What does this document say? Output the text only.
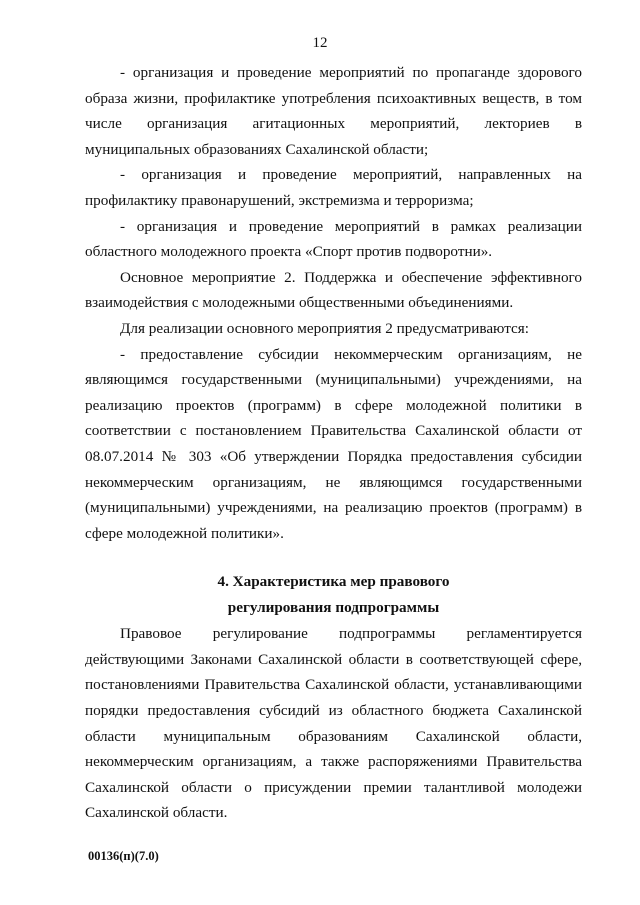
12

- организация и проведение мероприятий по пропаганде здорового образа жизни, профилактике употребления психоактивных веществ, в том числе организация агитационных мероприятий, лекториев в муниципальных образованиях Сахалинской области;

- организация и проведение мероприятий, направленных на профилактику правонарушений, экстремизма и терроризма;

- организация и проведение мероприятий в рамках реализации областного молодежного проекта «Спорт против подворотни».

Основное мероприятие 2. Поддержка и обеспечение эффективного взаимодействия с молодежными общественными объединениями.

Для реализации основного мероприятия 2 предусматриваются:

- предоставление субсидии некоммерческим организациям, не являющимся государственными (муниципальными) учреждениями, на реализацию проектов (программ) в сфере молодежной политики в соответствии с постановлением Правительства Сахалинской области от 08.07.2014 № 303 «Об утверждении Порядка предоставления субсидии некоммерческим организациям, не являющимся государственными (муниципальными) учреждениями, на реализацию проектов (программ) в сфере молодежной политики».

4. Характеристика мер правового
регулирования подпрограммы

Правовое регулирование подпрограммы регламентируется действующими Законами Сахалинской области в соответствующей сфере, постановлениями Правительства Сахалинской области, устанавливающими порядки предоставления субсидий из областного бюджета Сахалинской области муниципальным образованиям Сахалинской области, некоммерческим организациям, а также распоряжениями Правительства Сахалинской области о присуждении премии талантливой молодежи Сахалинской области.

00136(п)(7.0)
